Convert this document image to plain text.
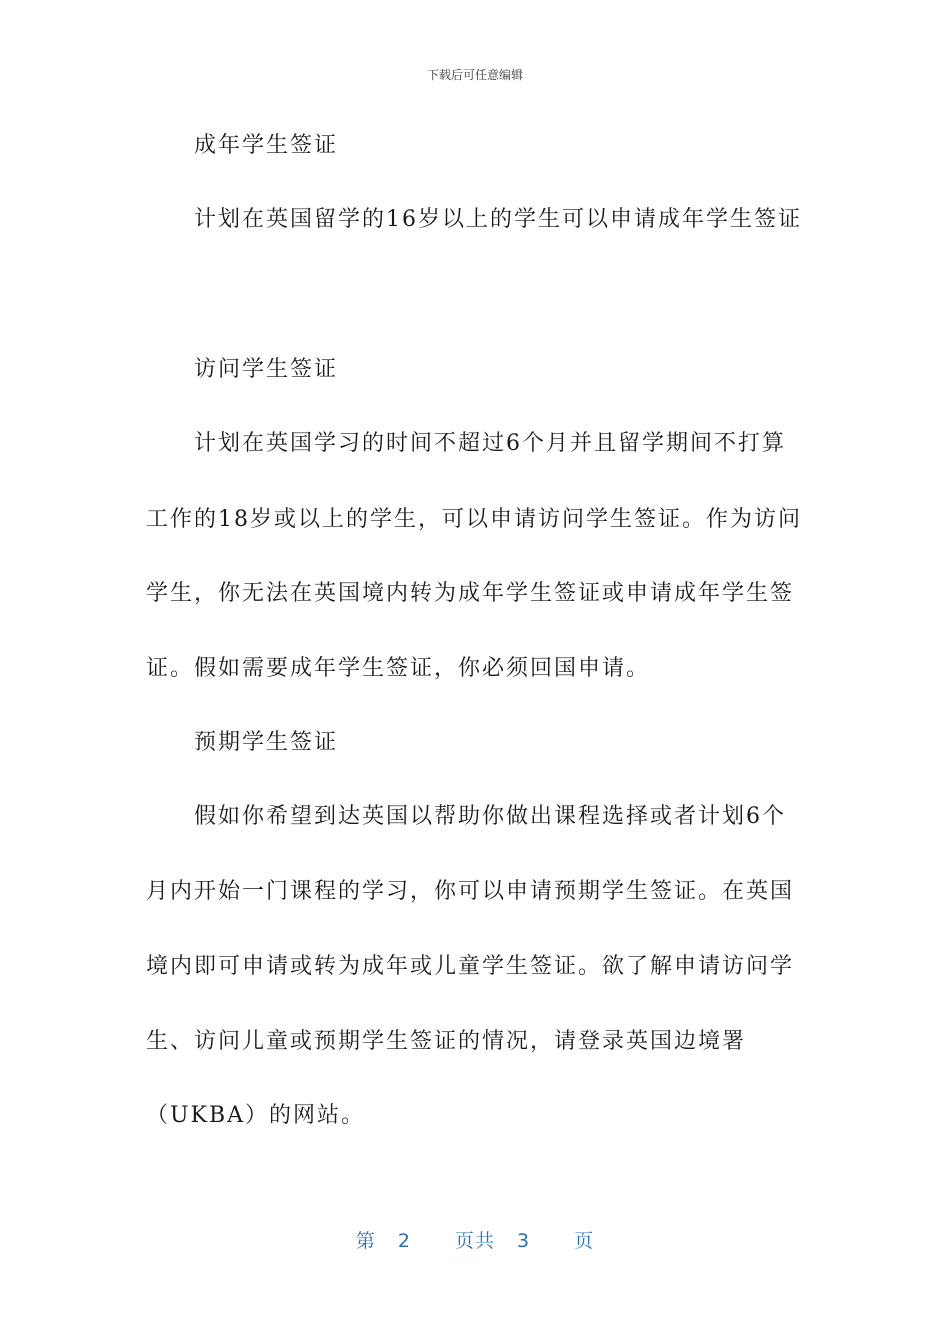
下载后可任意编辑
成年学生签证
计划在英国留学的16岁以上的学生可以申请成年学生签证
访问学生签证
计划在英国学习的时间不超过6个月并且留学期间不打算
工作的18岁或以上的学生，可以申请访问学生签证。作为访问
学生，你无法在英国境内转为成年学生签证或申请成年学生签
证。假如需要成年学生签证，你必须回国申请。
预期学生签证
假如你希望到达英国以帮助你做出课程选择或者计划6个
月内开始一门课程的学习，你可以申请预期学生签证。在英国
境内即可申请或转为成年或儿童学生签证。欲了解申请访问学
生、访问儿童或预期学生签证的情况，请登录英国边境署
（UKBA）的网站。
第 2 页共 3 页
